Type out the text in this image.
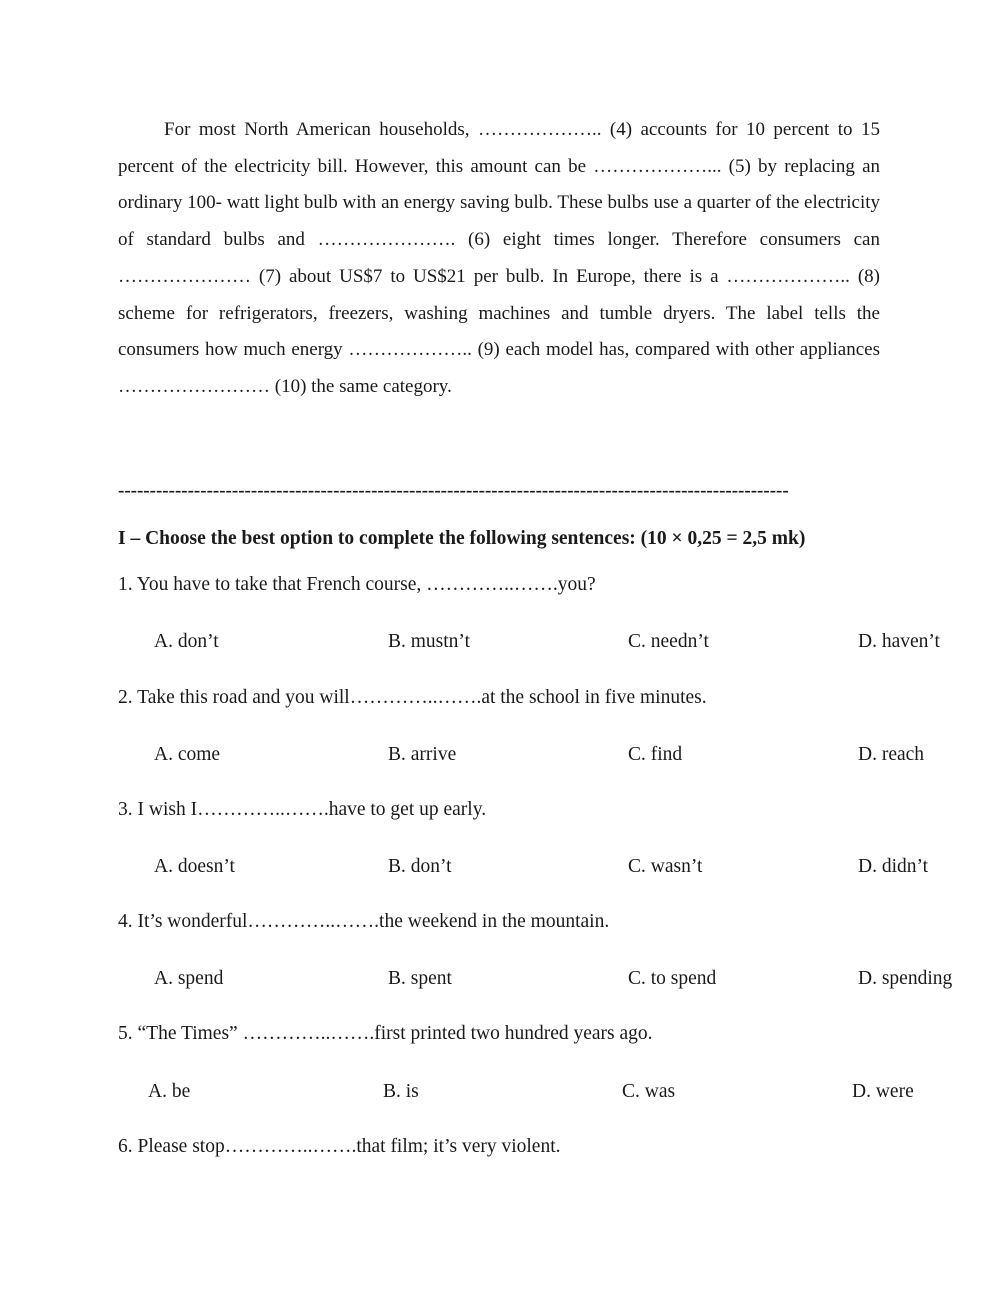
For most North American households, ……………….. (4) accounts for 10 percent to 15 percent of the electricity bill. However, this amount can be ………………... (5) by replacing an ordinary 100- watt light bulb with an energy saving bulb. These bulbs use a quarter of the electricity of standard bulbs and …………………. (6) eight times longer. Therefore consumers can ………………… (7) about US$7 to US$21 per bulb. In Europe, there is a ……………….. (8) scheme for refrigerators, freezers, washing machines and tumble dryers. The label tells the consumers how much energy ……………….. (9) each model has, compared with other appliances …………………… (10) the same category.

----------------------------------------------------------------------------------------------------------
I – Choose the best option to complete the following sentences: (10 × 0,25 = 2,5 mk)
1. You have to take that French course, …………..…….you?
A. don’t	B. mustn’t	C. needn’t	D. haven’t
2. Take this road and you will…………..…….at the school in five minutes.
A. come	B. arrive	C. find	D. reach
3. I wish I…………..…….have to get up early.
A. doesn’t	B. don’t	C. wasn’t	D. didn’t
4. It’s wonderful…………..…….the weekend in the mountain.
A. spend	B. spent	C. to spend	D. spending
5. “The Times” …………..…….first printed two hundred years ago.
A. be	B. is	C. was	D. were
6. Please stop…………..…….that film; it’s very violent.
